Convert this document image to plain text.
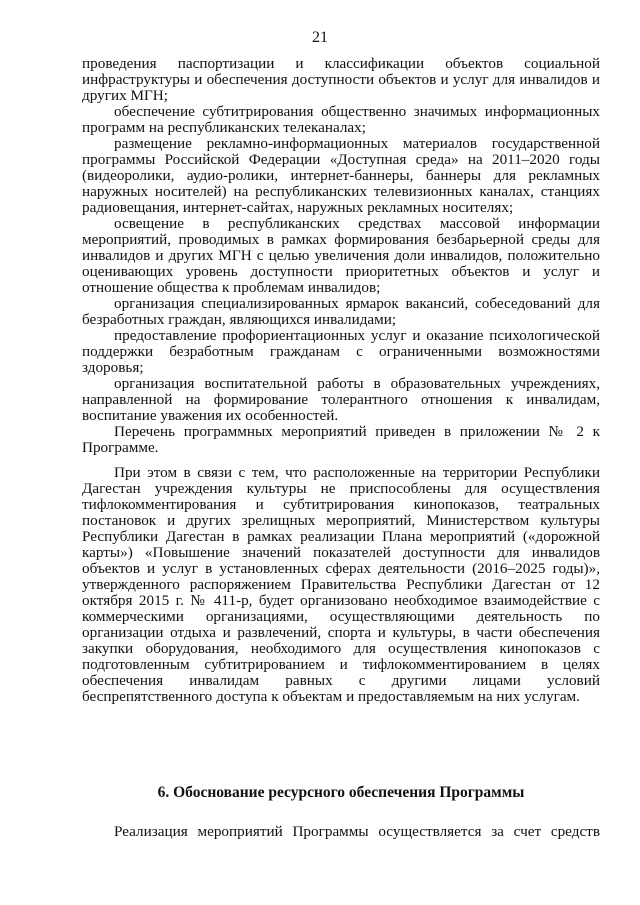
21

проведения паспортизации и классификации объектов социальной инфраструктуры и обеспечения доступности объектов и услуг для инвалидов и других МГН;

обеспечение субтитрирования общественно значимых информационных программ на республиканских телеканалах;

размещение рекламно-информационных материалов государственной программы Российской Федерации «Доступная среда» на 2011–2020 годы (видеоролики, аудио-ролики, интернет-баннеры, баннеры для рекламных наружных носителей) на республиканских телевизионных каналах, станциях радиовещания, интернет-сайтах, наружных рекламных носителях;

освещение в республиканских средствах массовой информации мероприятий, проводимых в рамках формирования безбарьерной среды для инвалидов и других МГН с целью увеличения доли инвалидов, положительно оценивающих уровень доступности приоритетных объектов и услуг и отношение общества к проблемам инвалидов;

организация специализированных ярмарок вакансий, собеседований для безработных граждан, являющихся инвалидами;

предоставление профориентационных услуг и оказание психологической поддержки безработным гражданам с ограниченными возможностями здоровья;

организация воспитательной работы в образовательных учреждениях, направленной на формирование толерантного отношения к инвалидам, воспитание уважения их особенностей.

Перечень программных мероприятий приведен в приложении № 2 к Программе.

При этом в связи с тем, что расположенные на территории Республики Дагестан учреждения культуры не приспособлены для осуществления тифлокомментирования и субтитрирования кинопоказов, театральных постановок и других зрелищных мероприятий, Министерством культуры Республики Дагестан в рамках реализации Плана мероприятий («дорожной карты») «Повышение значений показателей доступности для инвалидов объектов и услуг в установленных сферах деятельности (2016–2025 годы)», утвержденного распоряжением Правительства Республики Дагестан от 12 октября 2015 г. № 411-р, будет организовано необходимое взаимодействие с коммерческими организациями, осуществляющими деятельность по организации отдыха и развлечений, спорта и культуры, в части обеспечения закупки оборудования, необходимого для осуществления кинопоказов с подготовленным субтитрированием и тифлокомментированием в целях обеспечения инвалидам равных с другими лицами условий беспрепятственного доступа к объектам и предоставляемым на них услугам.

6. Обоснование ресурсного обеспечения Программы
Реализация мероприятий Программы осуществляется за счет средств
